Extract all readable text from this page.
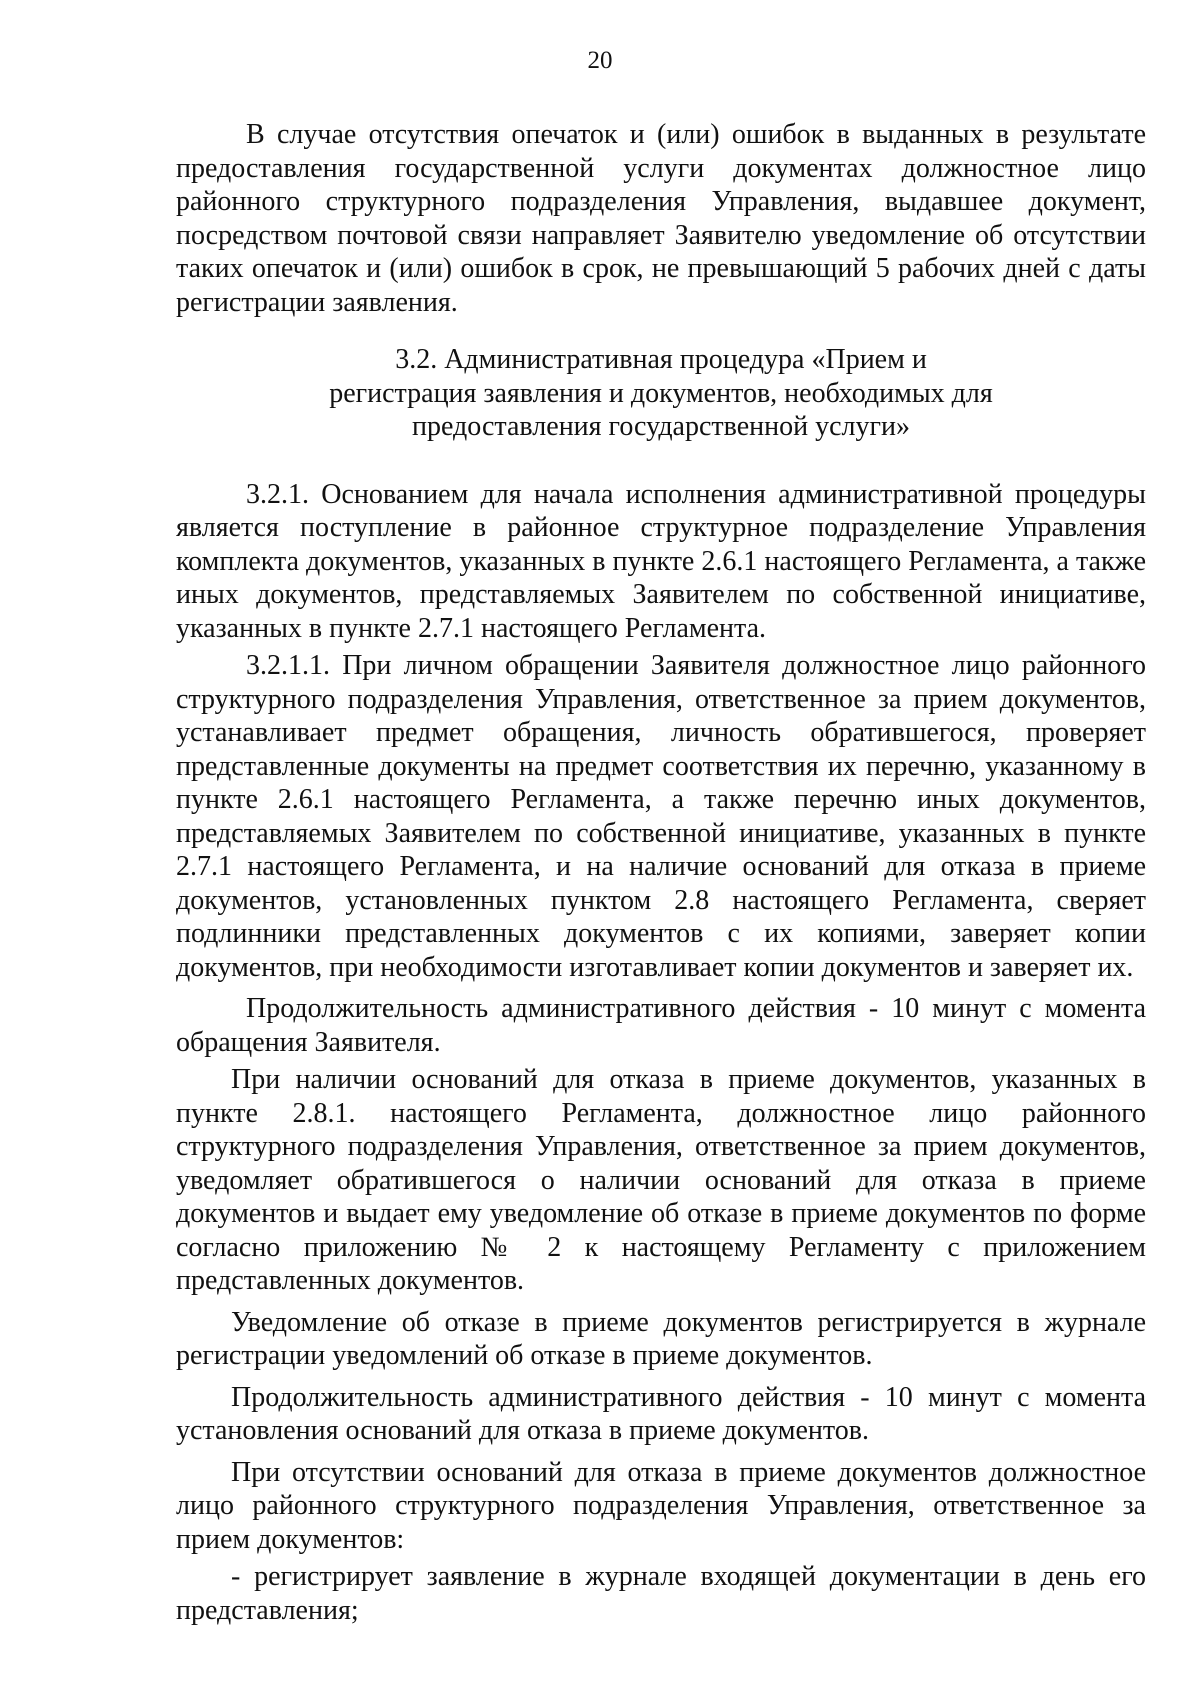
20

В случае отсутствия опечаток и (или) ошибок в выданных в результате предоставления государственной услуги документах должностное лицо районного структурного подразделения Управления, выдавшее документ, посредством почтовой связи направляет Заявителю уведомление об отсутствии таких опечаток и (или) ошибок в срок, не превышающий 5 рабочих дней с даты регистрации заявления.

3.2. Административная процедура «Прием и регистрация заявления и документов, необходимых для предоставления государственной услуги»

3.2.1. Основанием для начала исполнения административной процедуры является поступление в районное структурное подразделение Управления комплекта документов, указанных в пункте 2.6.1 настоящего Регламента, а также иных документов, представляемых Заявителем по собственной инициативе, указанных в пункте 2.7.1 настоящего Регламента.

3.2.1.1. При личном обращении Заявителя должностное лицо районного структурного подразделения Управления, ответственное за прием документов, устанавливает предмет обращения, личность обратившегося, проверяет представленные документы на предмет соответствия их перечню, указанному в пункте 2.6.1 настоящего Регламента, а также перечню иных документов, представляемых Заявителем по собственной инициативе, указанных в пункте 2.7.1 настоящего Регламента, и на наличие оснований для отказа в приеме документов, установленных пунктом 2.8 настоящего Регламента, сверяет подлинники представленных документов с их копиями, заверяет копии документов, при необходимости изготавливает копии документов и заверяет их.

Продолжительность административного действия - 10 минут с момента обращения Заявителя.

При наличии оснований для отказа в приеме документов, указанных в пункте 2.8.1. настоящего Регламента, должностное лицо районного структурного подразделения Управления, ответственное за прием документов, уведомляет обратившегося о наличии оснований для отказа в приеме документов и выдает ему уведомление об отказе в приеме документов по форме согласно приложению № 2 к настоящему Регламенту с приложением представленных документов.

Уведомление об отказе в приеме документов регистрируется в журнале регистрации уведомлений об отказе в приеме документов.

Продолжительность административного действия - 10 минут с момента установления оснований для отказа в приеме документов.

При отсутствии оснований для отказа в приеме документов должностное лицо районного структурного подразделения Управления, ответственное за прием документов:

- регистрирует заявление в журнале входящей документации в день его представления;
